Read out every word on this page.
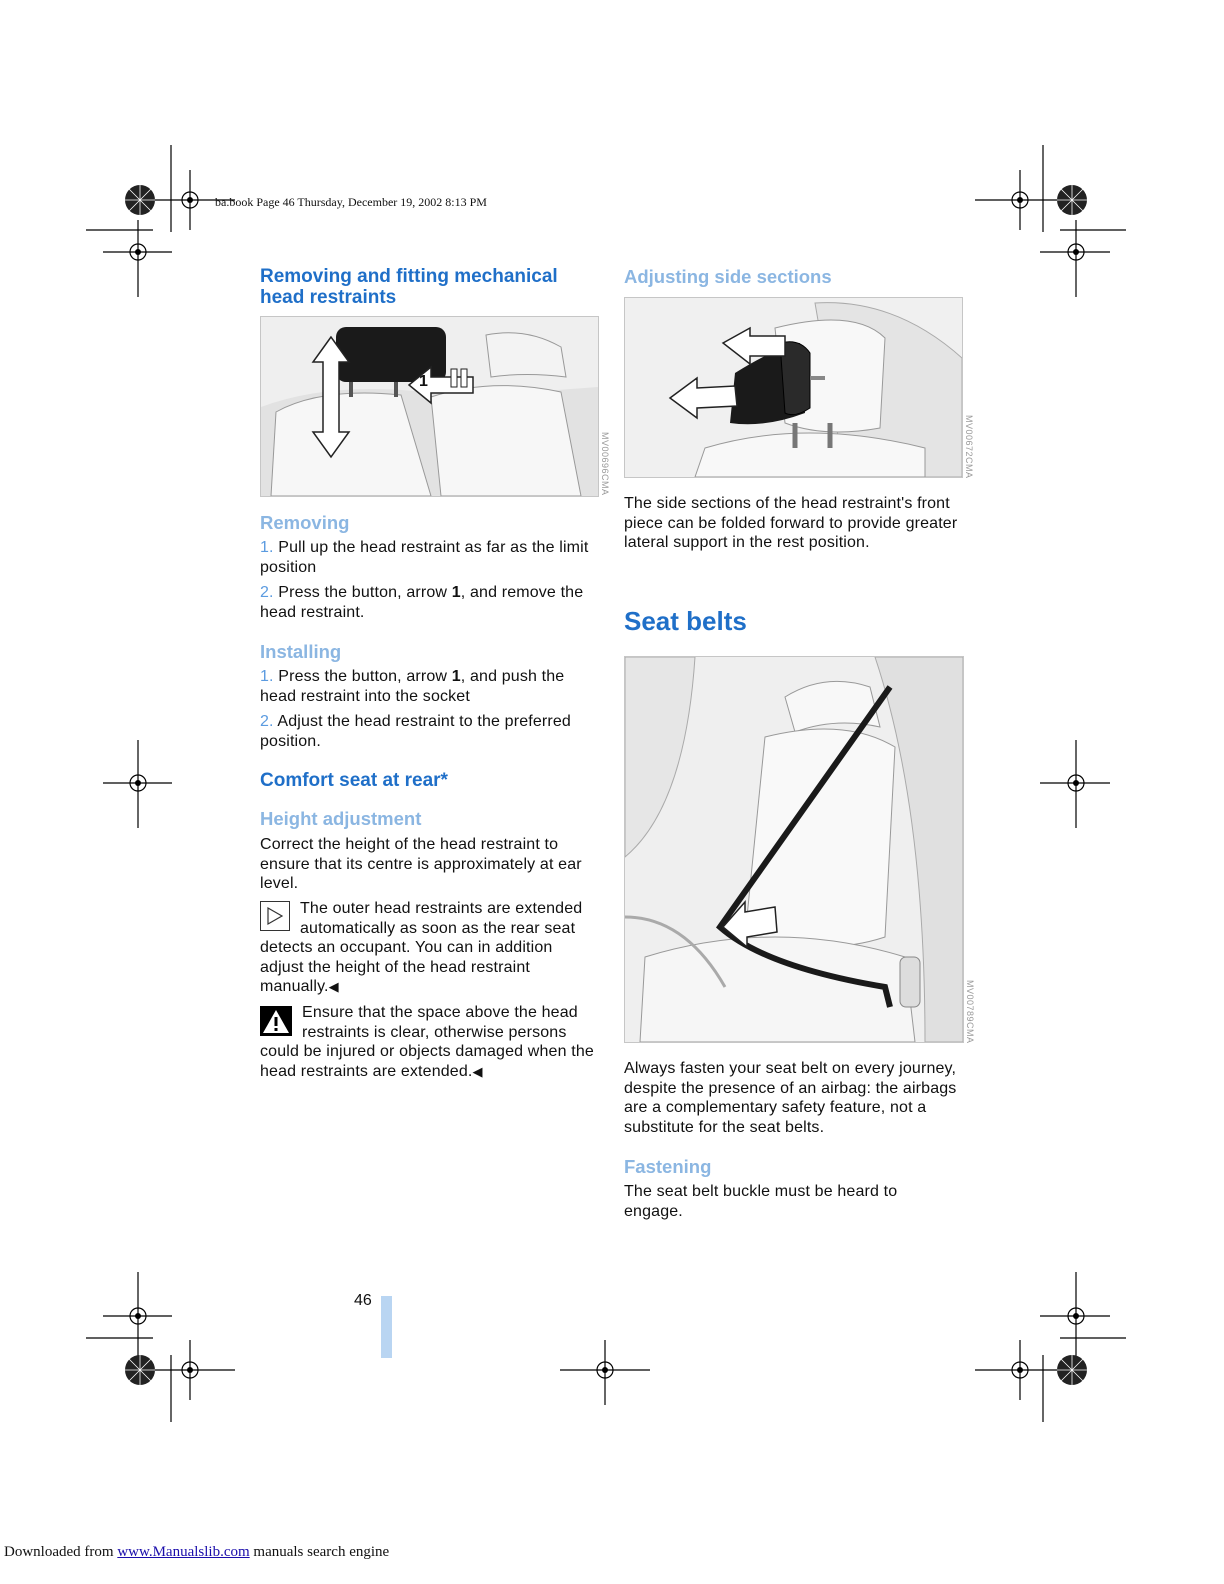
ba.book Page 46 Thursday, December 19, 2002 8:13 PM
Removing and fitting mechanical head restraints
1
MV00696CMA
Removing
1. Pull up the head restraint as far as the limit position
2. Press the button, arrow 1, and remove the head restraint.
Installing
1. Press the button, arrow 1, and push the head restraint into the socket
2. Adjust the head restraint to the preferred position.
Comfort seat at rear*
Height adjustment
Correct the height of the head restraint to ensure that its centre is approximately at ear level.
The outer head restraints are extended automatically as soon as the rear seat detects an occupant. You can in addition adjust the height of the head restraint manually.◀
Ensure that the space above the head restraints is clear, otherwise persons could be injured or objects damaged when the head restraints are extended.◀
Adjusting side sections
MV00672CMA
The side sections of the head restraint's front piece can be folded forward to provide greater lateral support in the rest position.
Seat belts
MV00789CMA
Always fasten your seat belt on every journey, despite the presence of an airbag: the airbags are a complementary safety feature, not a substitute for the seat belts.
Fastening
The seat belt buckle must be heard to engage.
46
Downloaded from www.Manualslib.com manuals search engine
